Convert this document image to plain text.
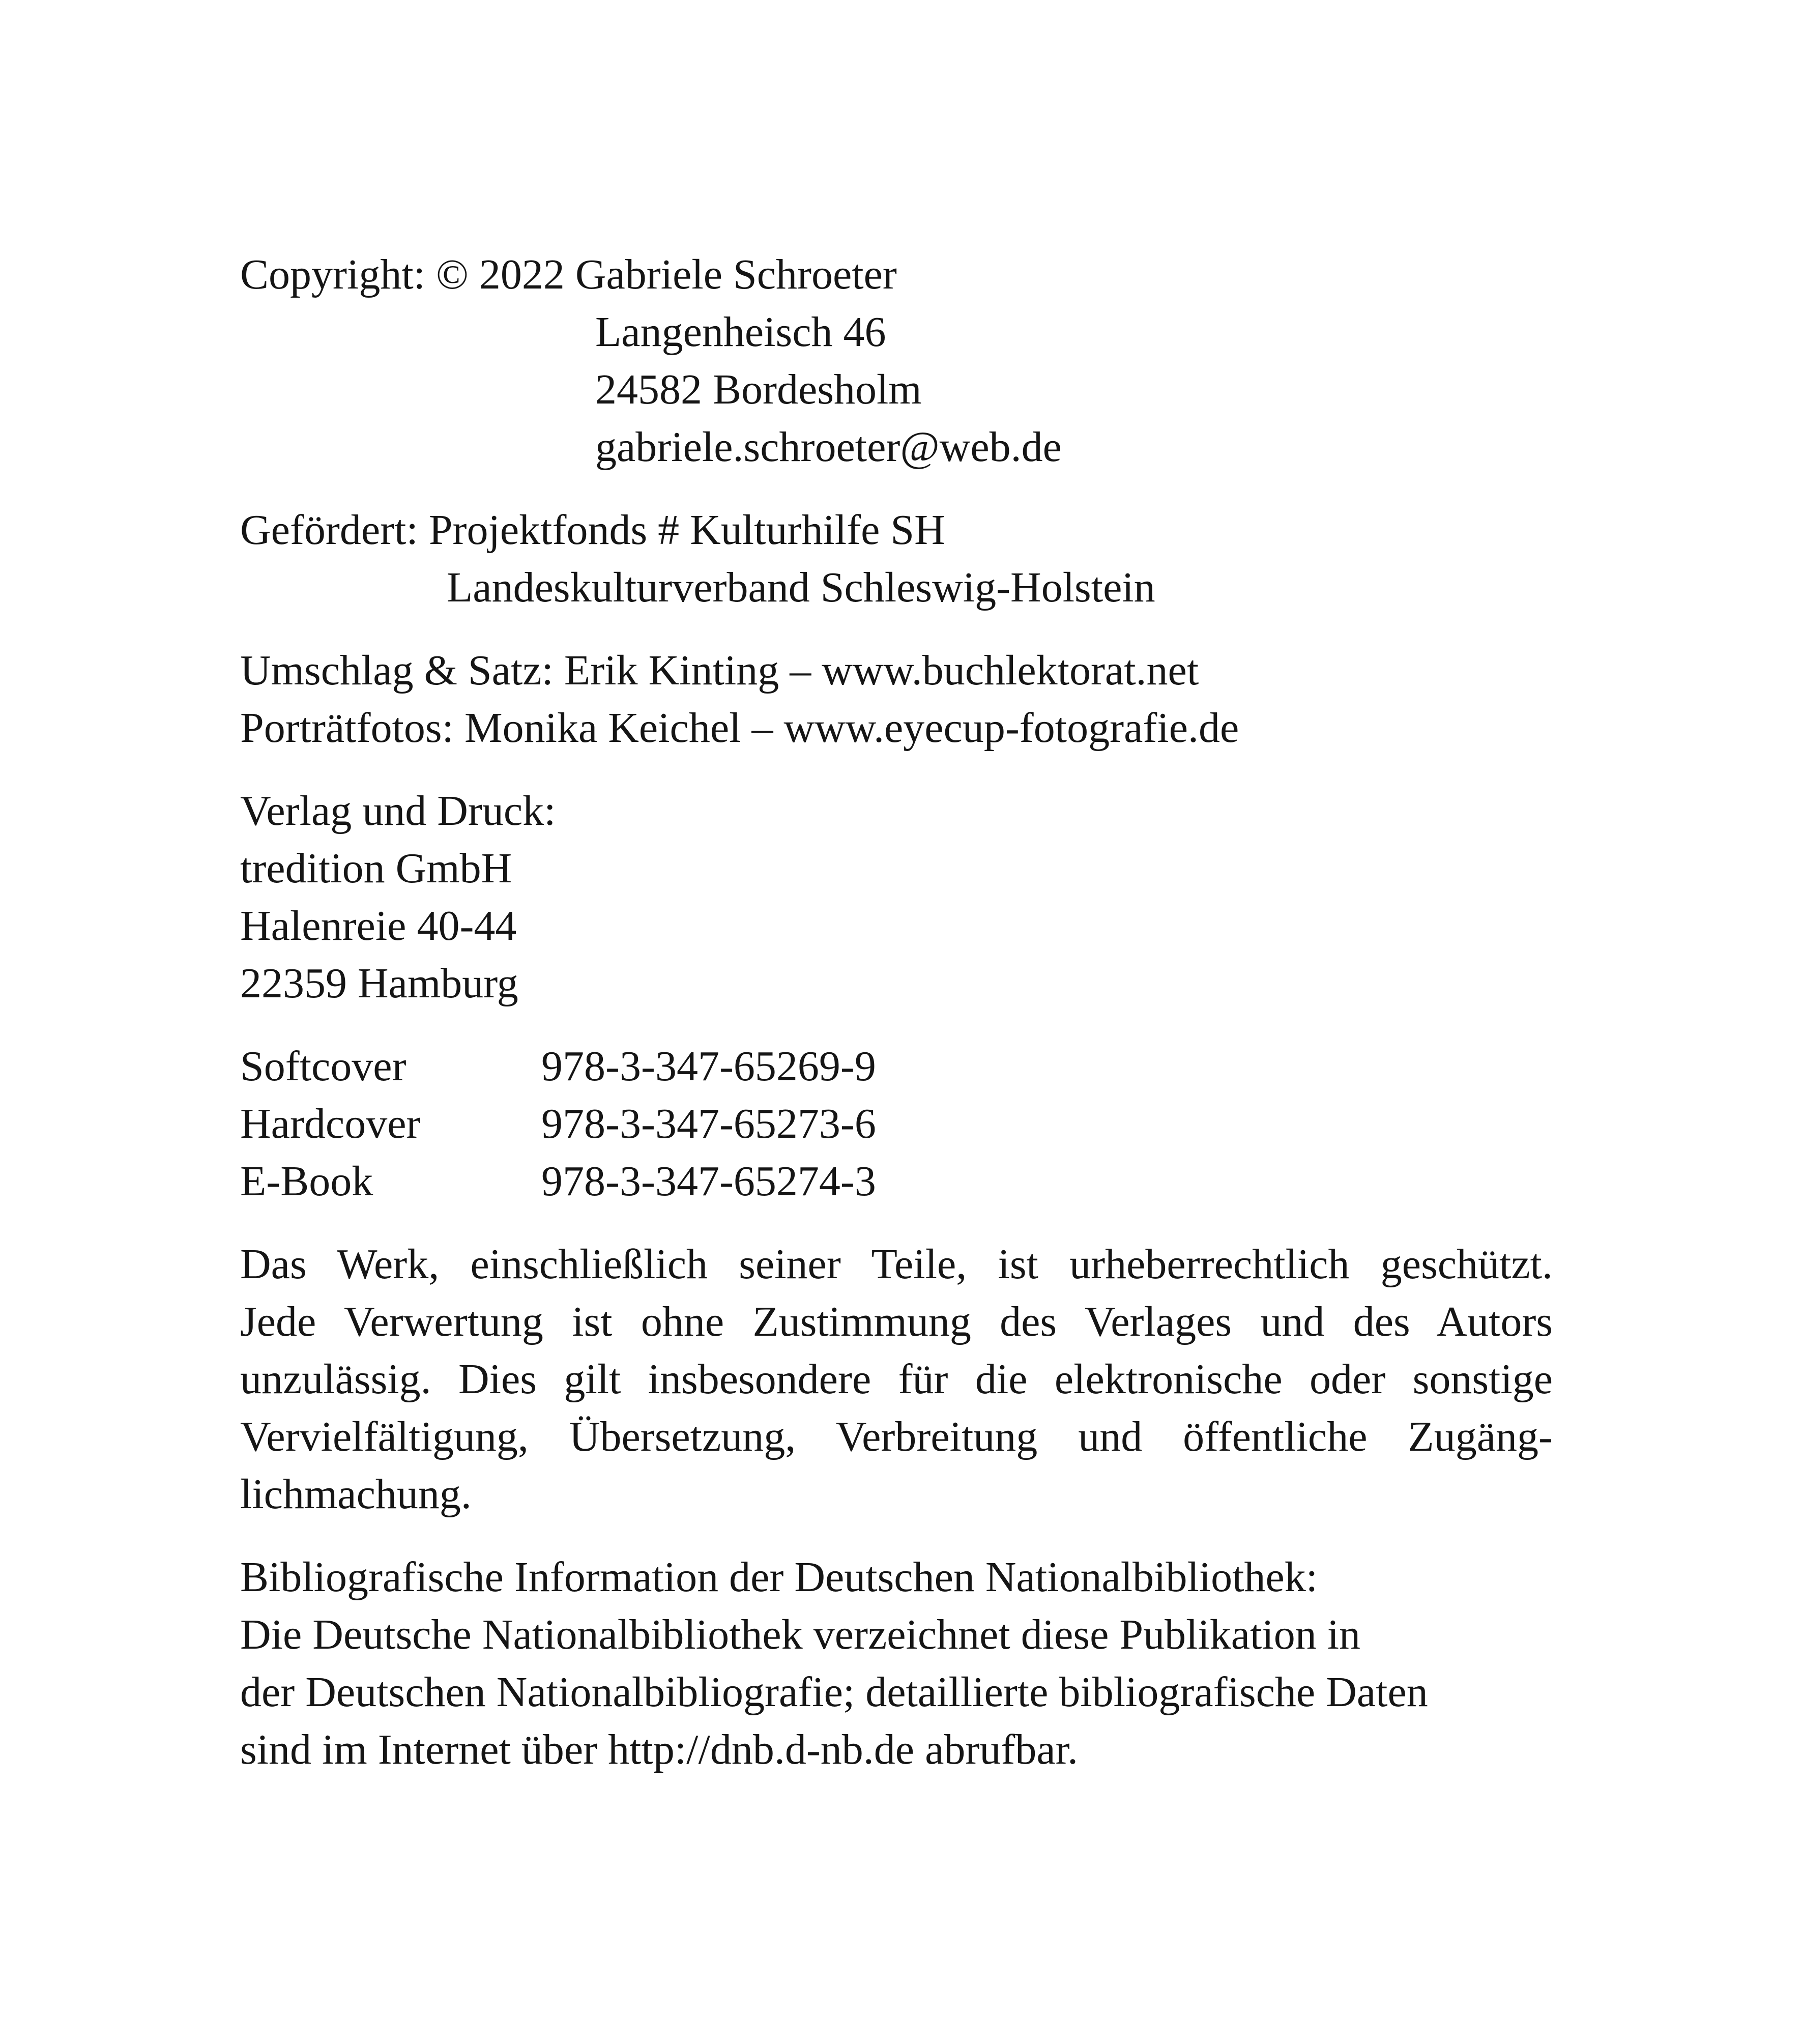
Copyright: © 2022 Gabriele Schroeter
Langenheisch 46
24582 Bordesholm
gabriele.schroeter@web.de
Gefördert: Projektfonds # Kulturhilfe SH
Landeskulturverband Schleswig-Holstein
Umschlag & Satz: Erik Kinting – www.buchlektorat.net
Porträtfotos: Monika Keichel – www.eyecup-fotografie.de
Verlag und Druck:
tredition GmbH
Halenreie 40-44
22359 Hamburg
Softcover	978-3-347-65269-9
Hardcover	978-3-347-65273-6
E-Book	978-3-347-65274-3
Das Werk, einschließlich seiner Teile, ist urheberrechtlich geschützt.
Jede Verwertung ist ohne Zustimmung des Verlages und des Autors
unzulässig. Dies gilt insbesondere für die elektronische oder sonstige
Vervielfältigung, Übersetzung, Verbreitung und öffentliche Zugäng-
lichmachung.
Bibliografische Information der Deutschen Nationalbibliothek:
Die Deutsche Nationalbibliothek verzeichnet diese Publikation in
der Deutschen Nationalbibliografie; detaillierte bibliografische Daten
sind im Internet über http://dnb.d-nb.de abrufbar.
